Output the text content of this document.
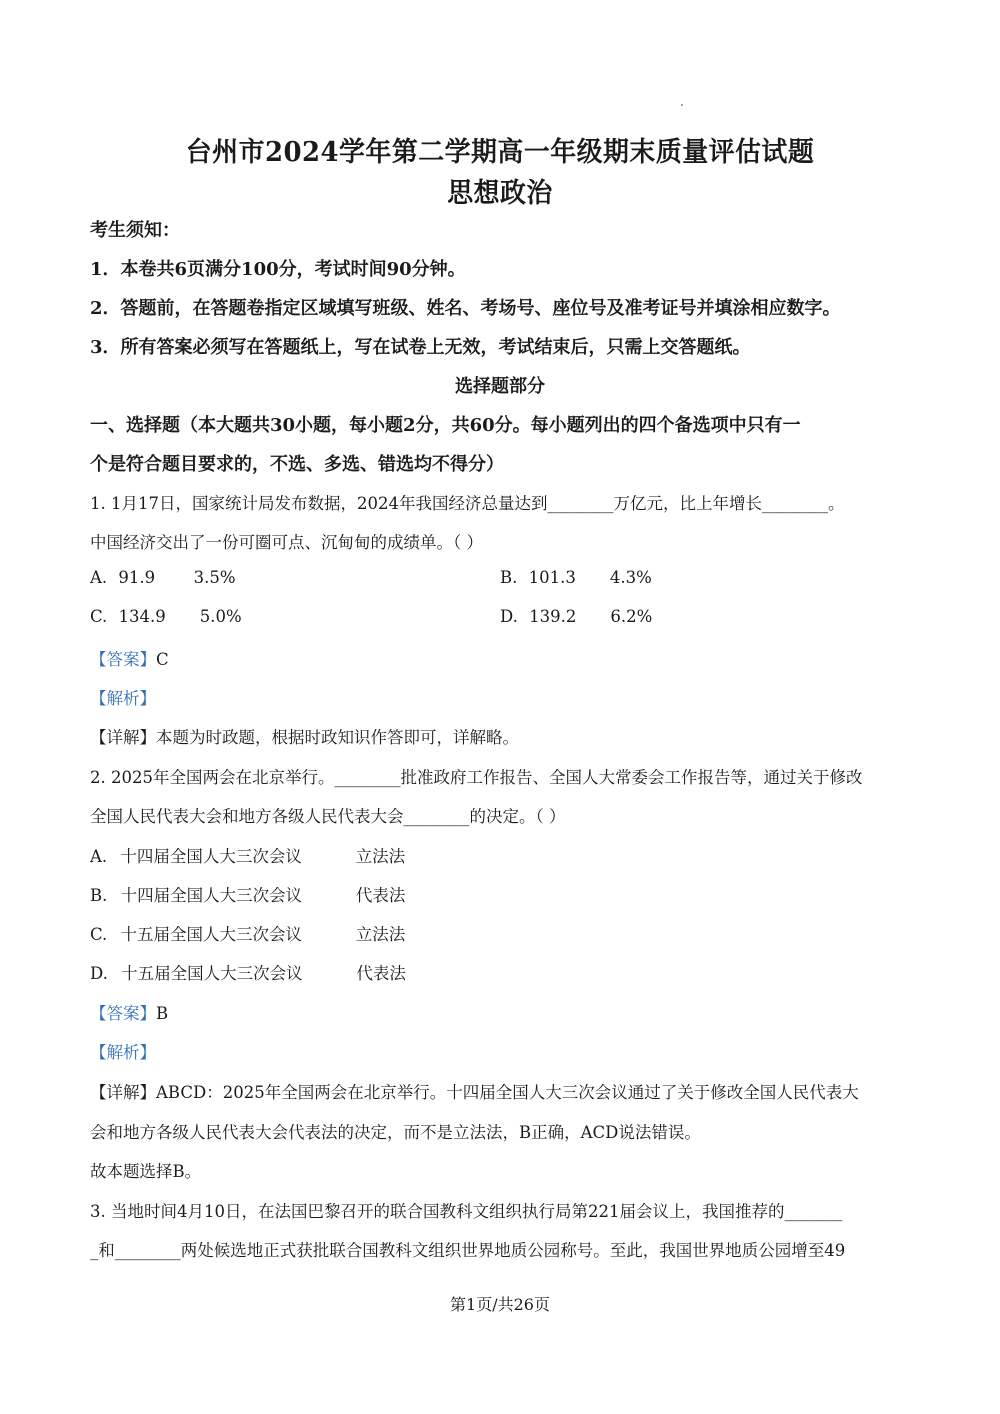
台州市2024学年第二学期高一年级期末质量评估试题
思想政治
考生须知：
1．本卷共6页满分100分，考试时间90分钟。
2．答题前，在答题卷指定区域填写班级、姓名、考场号、座位号及准考证号并填涂相应数字。
3．所有答案必须写在答题纸上，写在试卷上无效，考试结束后，只需上交答题纸。
选择题部分
一、选择题（本大题共30小题，每小题2分，共60分。每小题列出的四个备选项中只有一
个是符合题目要求的，不选、多选、错选均不得分）
1. 1月17日，国家统计局发布数据，2024年我国经济总量达到________万亿元，比上年增长________。
中国经济交出了一份可圈可点、沉甸甸的成绩单。（ ）
A. 91.9 3.5%	B. 101.3 4.3%
C. 134.9 5.0%	D. 139.2 6.2%
【答案】C
【解析】
【详解】本题为时政题，根据时政知识作答即可，详解略。
2. 2025年全国两会在北京举行。________批准政府工作报告、全国人大常委会工作报告等，通过关于修改
全国人民代表大会和地方各级人民代表大会________的决定。（ ）
A. 十四届全国人大三次会议	立法法
B. 十四届全国人大三次会议	代表法
C. 十五届全国人大三次会议	立法法
D. 十五届全国人大三次会议	代表法
【答案】B
【解析】
【详解】ABCD：2025年全国两会在北京举行。十四届全国人大三次会议通过了关于修改全国人民代表大
会和地方各级人民代表大会代表法的决定，而不是立法法，B正确，ACD说法错误。
故本题选择B。
3. 当地时间4月10日，在法国巴黎召开的联合国教科文组织执行局第221届会议上，我国推荐的_______
_和________两处候选地正式获批联合国教科文组织世界地质公园称号。至此，我国世界地质公园增至49
第1页/共26页
